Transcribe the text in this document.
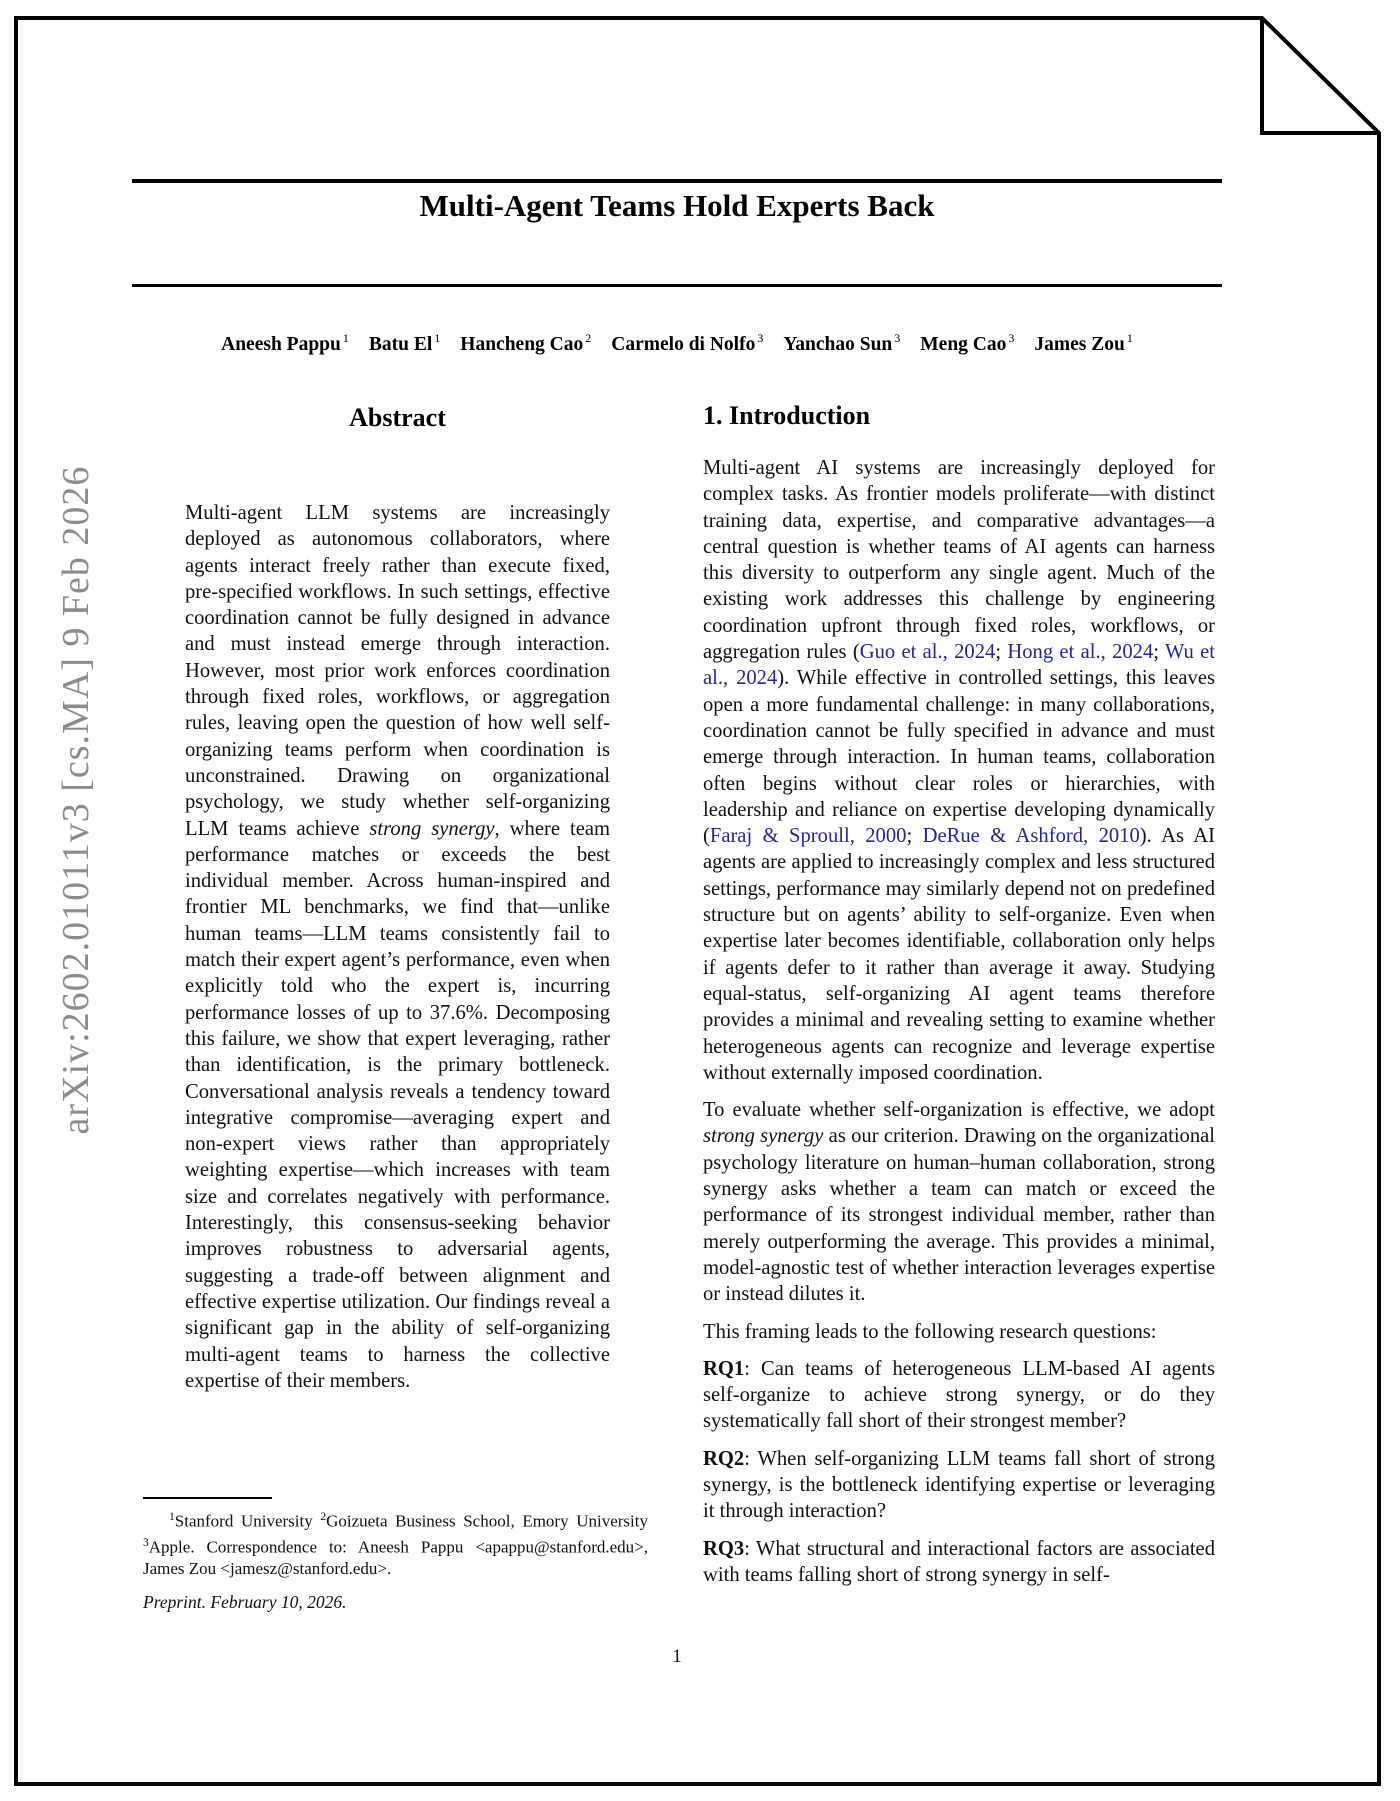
arXiv:2602.01011v3 [cs.MA] 9 Feb 2026
Multi-Agent Teams Hold Experts Back
Aneesh Pappu $^1$ Batu El $^1$ Hancheng Cao $^2$ Carmelo di Nolfo $^3$ Yanchao Sun $^3$ Meng Cao $^3$ James Zou $^1$
Abstract
Multi-agent LLM systems are increasingly deployed as autonomous collaborators, where agents interact freely rather than execute fixed, pre-specified workflows. In such settings, effective coordination cannot be fully designed in advance and must instead emerge through interaction. However, most prior work enforces coordination through fixed roles, workflows, or aggregation rules, leaving open the question of how well self-organizing teams perform when coordination is unconstrained. Drawing on organizational psychology, we study whether self-organizing LLM teams achieve strong synergy, where team performance matches or exceeds the best individual member. Across human-inspired and frontier ML benchmarks, we find that—unlike human teams—LLM teams consistently fail to match their expert agent’s performance, even when explicitly told who the expert is, incurring performance losses of up to 37.6%. Decomposing this failure, we show that expert leveraging, rather than identification, is the primary bottleneck. Conversational analysis reveals a tendency toward integrative compromise—averaging expert and non-expert views rather than appropriately weighting expertise—which increases with team size and correlates negatively with performance. Interestingly, this consensus-seeking behavior improves robustness to adversarial agents, suggesting a trade-off between alignment and effective expertise utilization. Our findings reveal a significant gap in the ability of self-organizing multi-agent teams to harness the collective expertise of their members.
$^1$Stanford University $^2$Goizueta Business School, Emory University $^3$Apple. Correspondence to: Aneesh Pappu <apappu@stanford.edu>, James Zou <jamesz@stanford.edu>.
Preprint. February 10, 2026.
1. Introduction

Multi-agent AI systems are increasingly deployed for complex tasks. As frontier models proliferate—with distinct training data, expertise, and comparative advantages—a central question is whether teams of AI agents can harness this diversity to outperform any single agent. Much of the existing work addresses this challenge by engineering coordination upfront through fixed roles, workflows, or aggregation rules (Guo et al., 2024; Hong et al., 2024; Wu et al., 2024). While effective in controlled settings, this leaves open a more fundamental challenge: in many collaborations, coordination cannot be fully specified in advance and must emerge through interaction. In human teams, collaboration often begins without clear roles or hierarchies, with leadership and reliance on expertise developing dynamically (Faraj & Sproull, 2000; DeRue & Ashford, 2010). As AI agents are applied to increasingly complex and less structured settings, performance may similarly depend not on predefined structure but on agents’ ability to self-organize. Even when expertise later becomes identifiable, collaboration only helps if agents defer to it rather than average it away. Studying equal-status, self-organizing AI agent teams therefore provides a minimal and revealing setting to examine whether heterogeneous agents can recognize and leverage expertise without externally imposed coordination.

To evaluate whether self-organization is effective, we adopt strong synergy as our criterion. Drawing on the organizational psychology literature on human–human collaboration, strong synergy asks whether a team can match or exceed the performance of its strongest individual member, rather than merely outperforming the average. This provides a minimal, model-agnostic test of whether interaction leverages expertise or instead dilutes it.

This framing leads to the following research questions:

RQ1: Can teams of heterogeneous LLM-based AI agents self-organize to achieve strong synergy, or do they systematically fall short of their strongest member?

RQ2: When self-organizing LLM teams fall short of strong synergy, is the bottleneck identifying expertise or leveraging it through interaction?

RQ3: What structural and interactional factors are associated with teams falling short of strong synergy in self-

1
